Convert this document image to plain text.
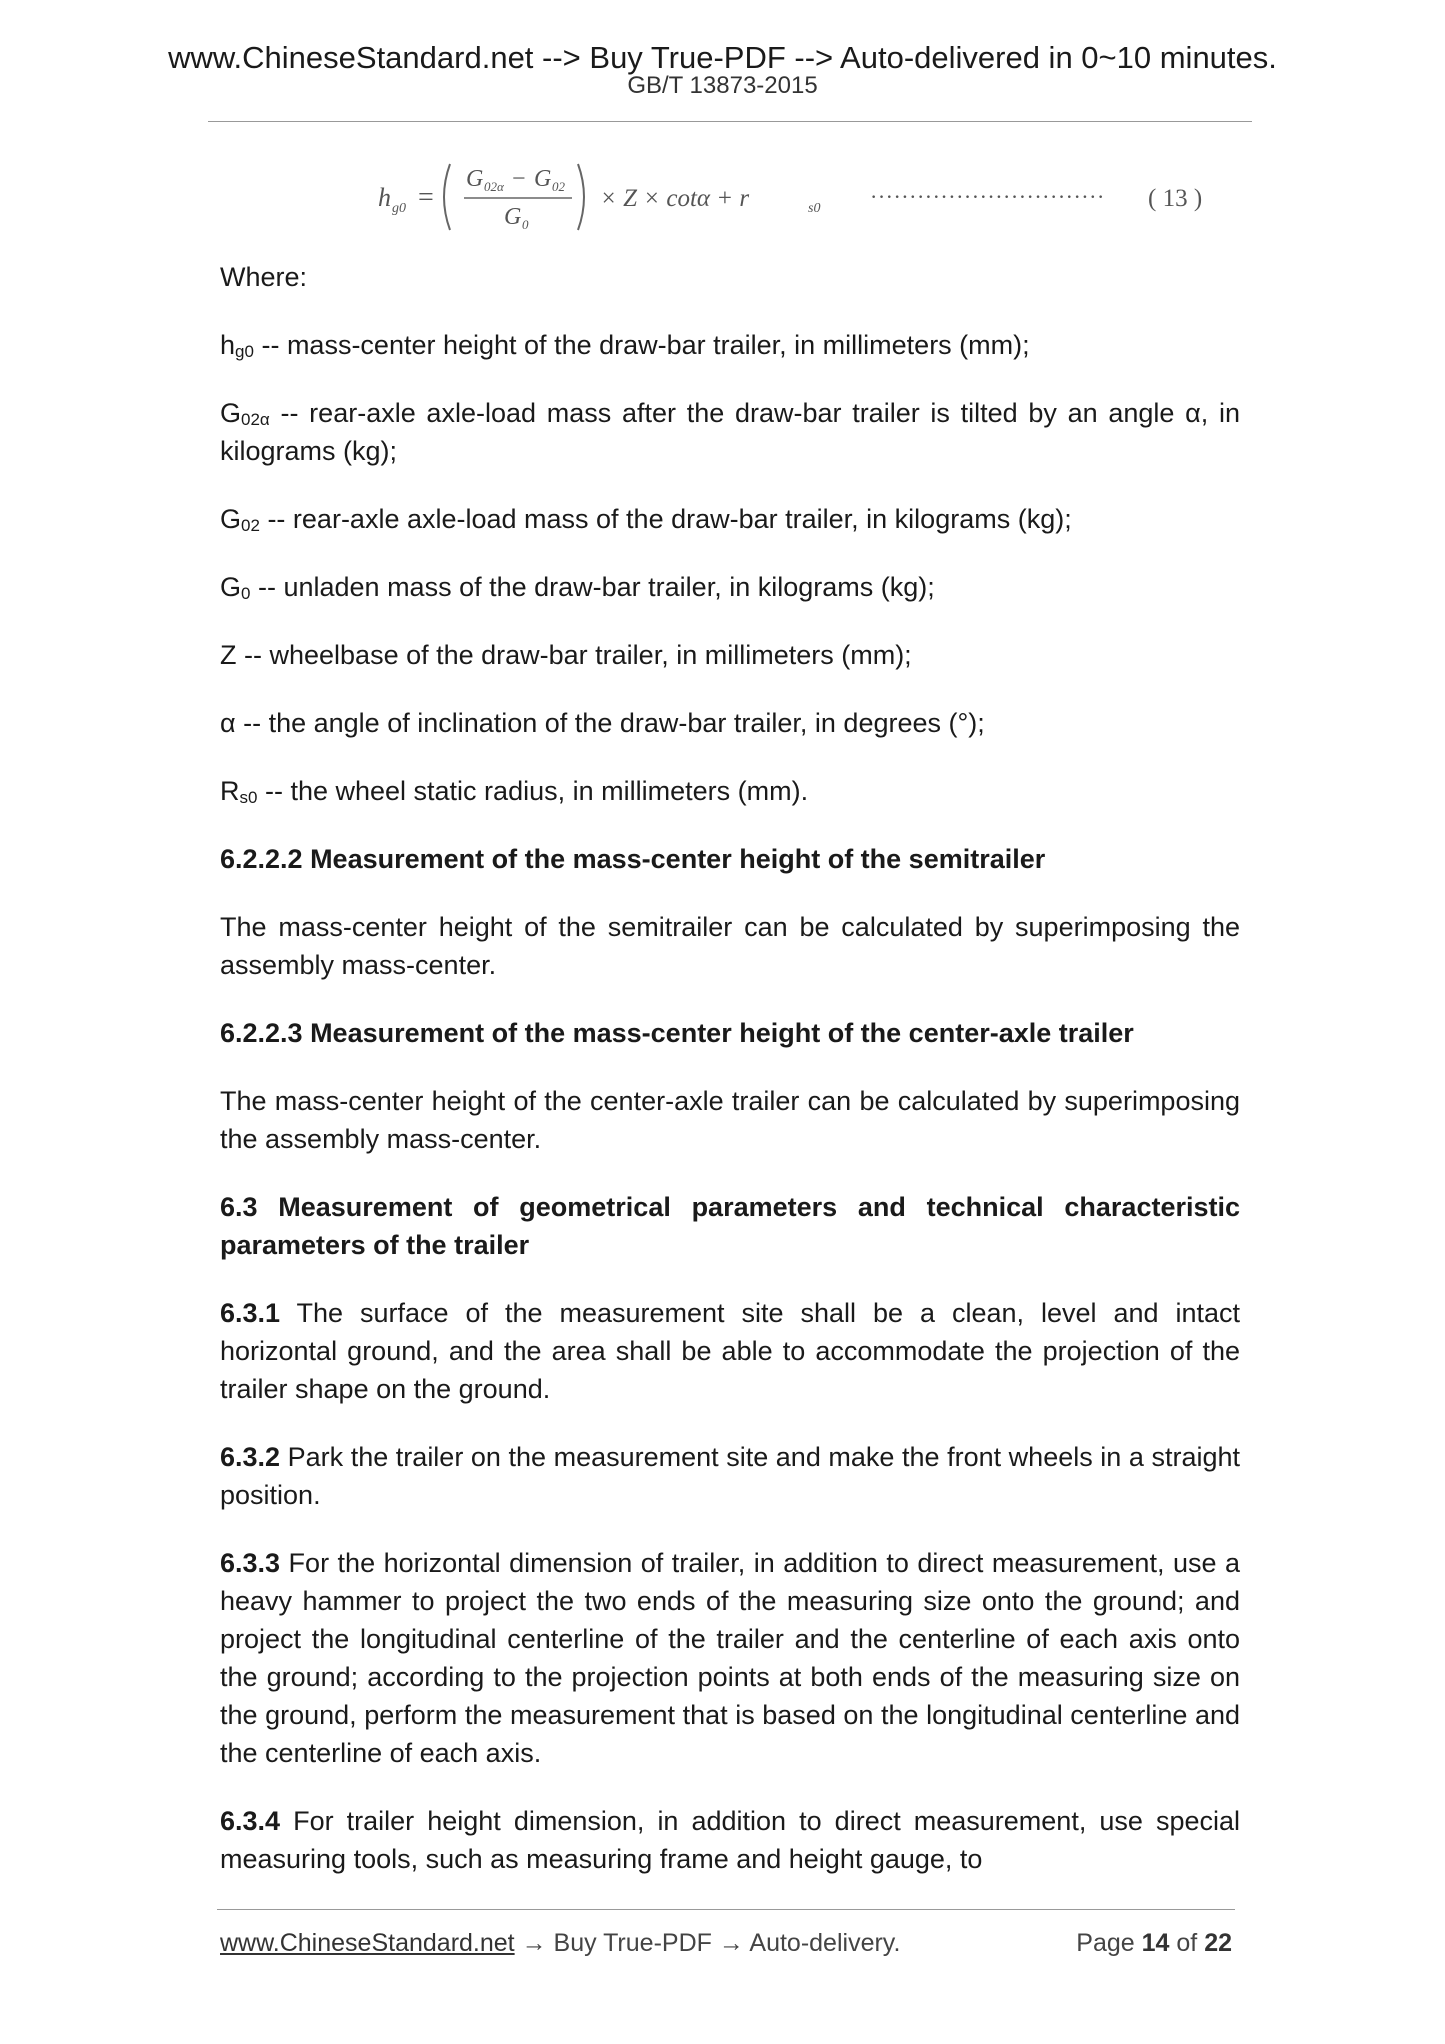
www.ChineseStandard.net --> Buy True-PDF --> Auto-delivered in 0~10 minutes.
GB/T 13873-2015
h g0 =
G 02α − G 02
G 0
× Z × cotα + r	s0 ······························ ( 13 )

Where:

$h_{g0}$ -- mass-center height of the draw-bar trailer, in millimeters (mm);

$G_{02\alpha}$ -- rear-axle axle-load mass after the draw-bar trailer is tilted by an angle α, in kilograms (kg);

$G_{02}$ -- rear-axle axle-load mass of the draw-bar trailer, in kilograms (kg);

$G_0$ -- unladen mass of the draw-bar trailer, in kilograms (kg);

Z -- wheelbase of the draw-bar trailer, in millimeters (mm);

α -- the angle of inclination of the draw-bar trailer, in degrees (°);

$R_{s0}$ -- the wheel static radius, in millimeters (mm).

6.2.2.2 Measurement of the mass-center height of the semitrailer

The mass-center height of the semitrailer can be calculated by superimposing the assembly mass-center.

6.2.2.3 Measurement of the mass-center height of the center-axle trailer

The mass-center height of the center-axle trailer can be calculated by superimposing the assembly mass-center.

6.3 Measurement of geometrical parameters and technical characteristic parameters of the trailer

6.3.1 The surface of the measurement site shall be a clean, level and intact horizontal ground, and the area shall be able to accommodate the projection of the trailer shape on the ground.

6.3.2 Park the trailer on the measurement site and make the front wheels in a straight position.

6.3.3 For the horizontal dimension of trailer, in addition to direct measurement, use a heavy hammer to project the two ends of the measuring size onto the ground; and project the longitudinal centerline of the trailer and the centerline of each axis onto the ground; according to the projection points at both ends of the measuring size on the ground, perform the measurement that is based on the longitudinal centerline and the centerline of each axis.

6.3.4 For trailer height dimension, in addition to direct measurement, use special measuring tools, such as measuring frame and height gauge, to

www.ChineseStandard.net → Buy True-PDF → Auto-delivery.	Page 14 of 22
